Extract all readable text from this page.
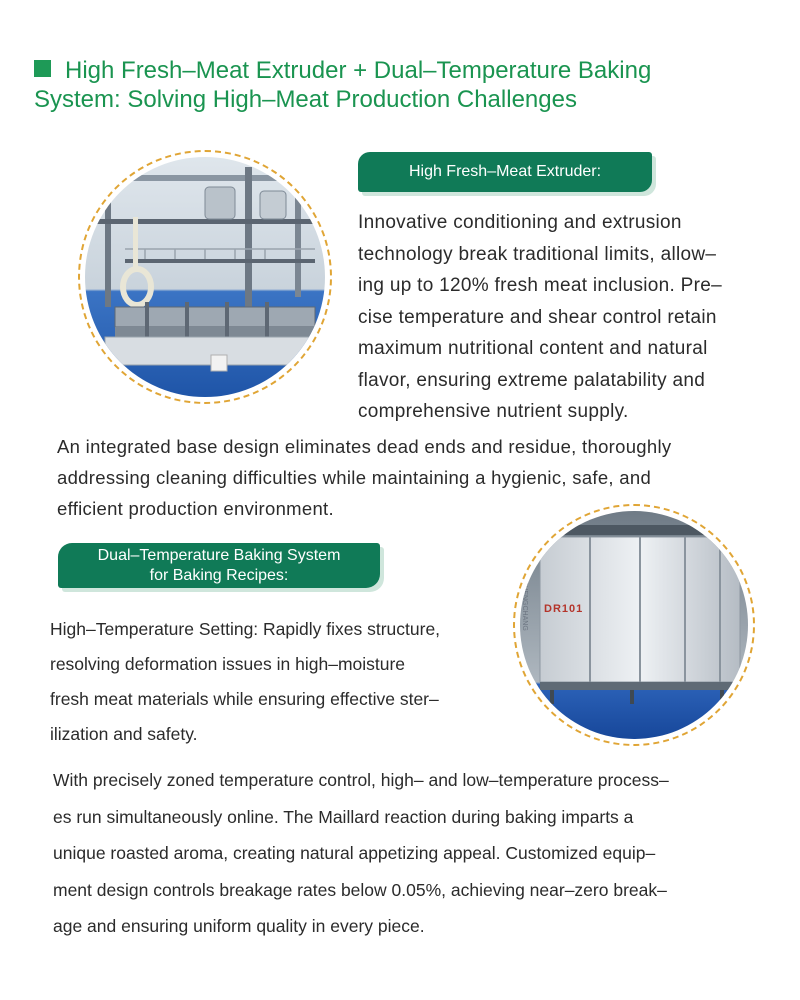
High Fresh–Meat Extruder + Dual–Temperature Baking
System: Solving High–Meat Production Challenges
High Fresh–Meat Extruder:
Innovative conditioning and extrusion
technology break traditional limits, allow–
ing up to 120% fresh meat inclusion. Pre–
cise temperature and shear control retain
maximum nutritional content and natural
flavor, ensuring extreme palatability and
comprehensive nutrient supply.
An integrated base design eliminates dead ends and residue, thoroughly
addressing cleaning difficulties while maintaining a hygienic, safe, and
efficient production environment.
Dual–Temperature Baking System
for Baking Recipes:
DR101
ZHENGCHANG
High–Temperature Setting: Rapidly fixes structure,
resolving deformation issues in high–moisture
fresh meat materials while ensuring effective ster–
ilization and safety.
With precisely zoned temperature control, high– and low–temperature process–
es run simultaneously online. The Maillard reaction during baking imparts a
unique roasted aroma, creating natural appetizing appeal. Customized equip–
ment design controls breakage rates below 0.05%, achieving near–zero break–
age and ensuring uniform quality in every piece.
